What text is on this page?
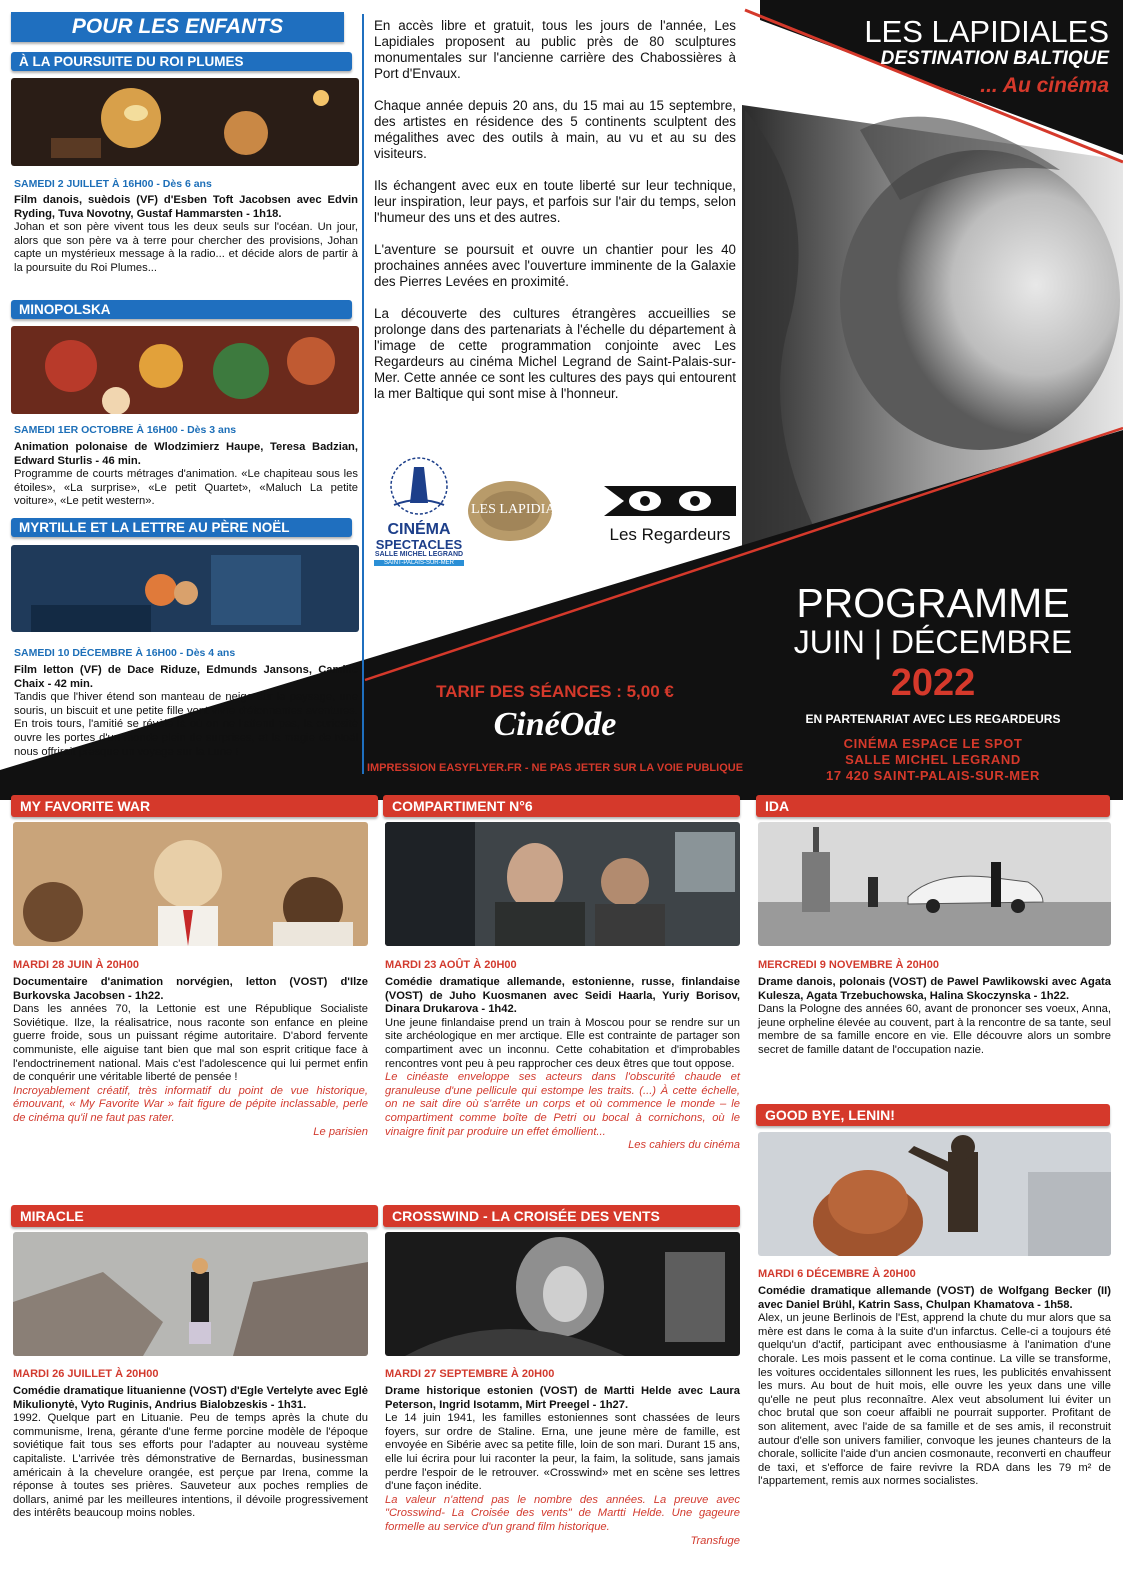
POUR LES ENFANTS
À LA POURSUITE DU ROI PLUMES
SAMEDI 2 JUILLET À 16H00 - Dès 6 ans

Film danois, suèdois (VF) d'Esben Toft Jacobsen avec Edvin Ryding, Tuva Novotny, Gustaf Hammarsten - 1h18.

Johan et son père vivent tous les deux seuls sur l'océan. Un jour, alors que son père va à terre pour chercher des provisions, Johan capte un mystérieux message à la radio... et décide alors de partir à la poursuite du Roi Plumes...

MINOPOLSKA
SAMEDI 1ER OCTOBRE À 16H00 - Dès 3 ans

Animation polonaise de Wlodzimierz Haupe, Teresa Badzian, Edward Sturlis - 46 min.

Programme de courts métrages d'animation. «Le chapiteau sous les étoiles», «La surprise», «Le petit Quartet», «Maluch La petite voiture», «Le petit western».

MYRTILLE ET LA LETTRE AU PÈRE NOËL
SAMEDI 10 DÉCEMBRE À 16H00 - Dès 4 ans

Film letton (VF) de Dace Riduze, Edmunds Jansons, Camille Chaix - 42 min.

Tandis que l'hiver étend son manteau de neige sur le paysage, une souris, un biscuit et une petite fille vont vivre d'étonnantes aventures. En trois tours, l'amitié se révèle là où on ne l'attend pas, la curiosité ouvre les portes d'un monde plein de surprises, et la magie de Noël nous offrirait presque un voyage sur la Lune !

En accès libre et gratuit, tous les jours de l'année, Les Lapidiales proposent au public près de 80 sculptures monumentales sur l'ancienne carrière des Chabossières à Port d'Envaux.

Chaque année depuis 20 ans, du 15 mai au 15 septembre, des artistes en résidence des 5 continents sculptent des mégalithes avec des outils à main, au vu et au su des visiteurs.

Ils échangent avec eux en toute liberté sur leur technique, leur inspiration, leur pays, et parfois sur l'air du temps, selon l'humeur des uns et des autres.

L'aventure se poursuit et ouvre un chantier pour les 40 prochaines années avec l'ouverture imminente de la Galaxie des Pierres Levées en proximité.

La découverte des cultures étrangères accueillies se prolonge dans des partenariats à l'échelle du département à l'image de cette programmation conjointe avec Les Regardeurs au cinéma Michel Legrand de Saint-Palais-sur-Mer. Cette année ce sont les cultures des pays qui entourent la mer Baltique qui sont mise à l'honneur.

CINÉMA
SPECTACLES
SALLE MICHEL LEGRAND
SAINT-PALAIS-SUR-MER
LES LAPIDIALES
Les Regardeurs
LES LAPIDIALES
DESTINATION BALTIQUE
... Au cinéma
PROGRAMME
JUIN | DÉCEMBRE
2022
EN PARTENARIAT AVEC LES REGARDEURS
CINÉMA ESPACE LE SPOT
SALLE MICHEL LEGRAND
17 420 SAINT-PALAIS-SUR-MER
TARIF DES SÉANCES : 5,00 €
CinéOde
IMPRESSION EASYFLYER.FR - NE PAS JETER SUR LA VOIE PUBLIQUE
MY FAVORITE WAR
MARDI 28 JUIN À 20H00

Documentaire d'animation norvégien, letton (VOST) d'Ilze Burkovska Jacobsen - 1h22.

Dans les années 70, la Lettonie est une République Socialiste Soviétique. Ilze, la réalisatrice, nous raconte son enfance en pleine guerre froide, sous un puissant régime autoritaire. D'abord fervente communiste, elle aiguise tant bien que mal son esprit critique face à l'endoctrinement national. Mais c'est l'adolescence qui lui permet enfin de conquérir une véritable liberté de pensée !

Incroyablement créatif, très informatif du point de vue historique, émouvant, « My Favorite War » fait figure de pépite inclassable, perle de cinéma qu'il ne faut pas rater.

Le parisien
MIRACLE
MARDI 26 JUILLET À 20H00

Comédie dramatique lituanienne (VOST) d'Egle Vertelyte avec Eglė Mikulionytė, Vyto Ruginis, Andrius Bialobzeskis - 1h31.

1992. Quelque part en Lituanie. Peu de temps après la chute du communisme, Irena, gérante d'une ferme porcine modèle de l'époque soviétique fait tous ses efforts pour l'adapter au nouveau système capitaliste. L'arrivée très démonstrative de Bernardas, businessman américain à la chevelure orangée, est perçue par Irena, comme la réponse à toutes ses prières. Sauveteur aux poches remplies de dollars, animé par les meilleures intentions, il dévoile progressivement des intérêts beaucoup moins nobles.

COMPARTIMENT N°6
MARDI 23 AOÛT À 20H00

Comédie dramatique allemande, estonienne, russe, finlandaise (VOST) de Juho Kuosmanen avec Seidi Haarla, Yuriy Borisov, Dinara Drukarova - 1h42.

Une jeune finlandaise prend un train à Moscou pour se rendre sur un site archéologique en mer arctique. Elle est contrainte de partager son compartiment avec un inconnu. Cette cohabitation et d'improbables rencontres vont peu à peu rapprocher ces deux êtres que tout oppose.

Le cinéaste enveloppe ses acteurs dans l'obscurité chaude et granuleuse d'une pellicule qui estompe les traits. (...) À cette échelle, on ne sait dire où s'arrête un corps et où commence le monde – le compartiment comme boîte de Petri ou bocal à cornichons, où le vinaigre finit par produire un effet émollient...

Les cahiers du cinéma
CROSSWIND - LA CROISÉE DES VENTS
MARDI 27 SEPTEMBRE À 20H00

Drame historique estonien (VOST) de Martti Helde avec Laura Peterson, Ingrid Isotamm, Mirt Preegel - 1h27.

Le 14 juin 1941, les familles estoniennes sont chassées de leurs foyers, sur ordre de Staline. Erna, une jeune mère de famille, est envoyée en Sibérie avec sa petite fille, loin de son mari. Durant 15 ans, elle lui écrira pour lui raconter la peur, la faim, la solitude, sans jamais perdre l'espoir de le retrouver. «Crosswind» met en scène ses lettres d'une façon inédite.

La valeur n'attend pas le nombre des années. La preuve avec "Crosswind- La Croisée des vents" de Martti Helde. Une gageure formelle au service d'un grand film historique.

Transfuge
IDA
MERCREDI 9 NOVEMBRE À 20H00

Drame danois, polonais (VOST) de Pawel Pawlikowski avec Agata Kulesza, Agata Trzebuchowska, Halina Skoczynska - 1h22.

Dans la Pologne des années 60, avant de prononcer ses voeux, Anna, jeune orpheline élevée au couvent, part à la rencontre de sa tante, seul membre de sa famille encore en vie. Elle découvre alors un sombre secret de famille datant de l'occupation nazie.

GOOD BYE, LENIN!
MARDI 6 DÉCEMBRE À 20H00

Comédie dramatique allemande (VOST) de Wolfgang Becker (II) avec Daniel Brühl, Katrin Sass, Chulpan Khamatova - 1h58.

Alex, un jeune Berlinois de l'Est, apprend la chute du mur alors que sa mère est dans le coma à la suite d'un infarctus. Celle-ci a toujours été quelqu'un d'actif, participant avec enthousiasme à l'animation d'une chorale. Les mois passent et le coma continue. La ville se transforme, les voitures occidentales sillonnent les rues, les publicités envahissent les murs. Au bout de huit mois, elle ouvre les yeux dans une ville qu'elle ne peut plus reconnaître. Alex veut absolument lui éviter un choc brutal que son coeur affaibli ne pourrait supporter. Profitant de son alitement, avec l'aide de sa famille et de ses amis, il reconstruit autour d'elle son univers familier, convoque les jeunes chanteurs de la chorale, sollicite l'aide d'un ancien cosmonaute, reconverti en chauffeur de taxi, et s'efforce de faire revivre la RDA dans les 79 m² de l'appartement, remis aux normes socialistes.
